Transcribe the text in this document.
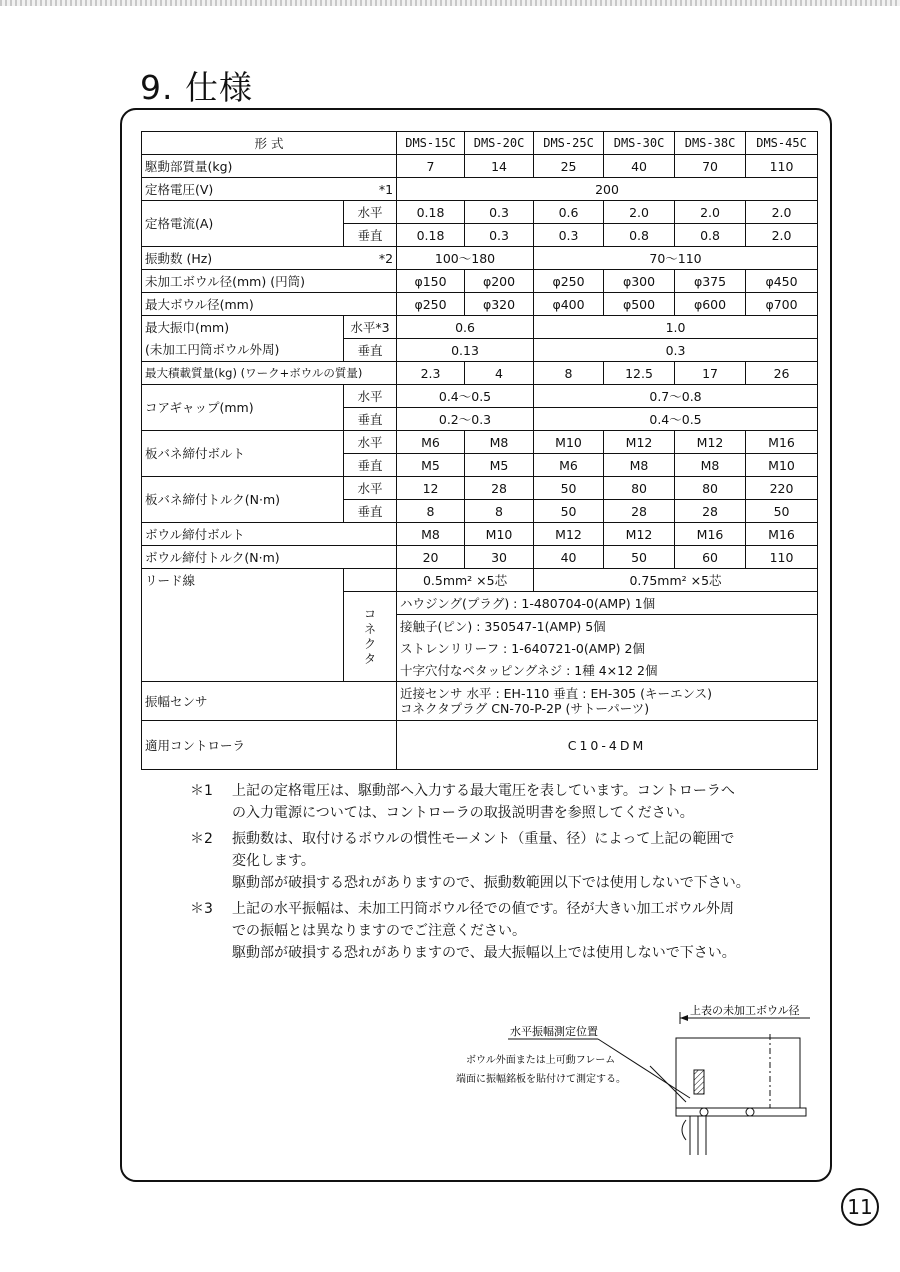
9. 仕様
形 式		DMS-15C	DMS-20C	DMS-25C	DMS-30C	DMS-38C	DMS-45C
駆動部質量(kg)		7	14	25	40	70	110
定格電圧(V) *1		200					
定格電流(A)	水平	0.18	0.3	0.6	2.0	2.0	2.0
	垂直	0.18	0.3	0.3	0.8	0.8	2.0
振動数 (Hz) *2		100～180		70～110			
未加工ボウル径(mm) (円筒)		φ150	φ200	φ250	φ300	φ375	φ450
最大ボウル径(mm)		φ250	φ320	φ400	φ500	φ600	φ700
最大振巾(mm)	水平*3	0.6		1.0			
(未加工円筒ボウル外周)	垂直	0.13		0.3			
最大積載質量(kg) (ワーク+ボウルの質量)		2.3	4	8	12.5	17	26
コアギャップ(mm)	水平	0.4～0.5		0.7～0.8			
	垂直	0.2～0.3		0.4～0.5			
板バネ締付ボルト	水平	M6	M8	M10	M12	M12	M16
	垂直	M5	M5	M6	M8	M8	M10
板バネ締付トルク(N·m)	水平	12	28	50	80	80	220
	垂直	8	8	50	28	28	50
ボウル締付ボルト		M8	M10	M12	M12	M16	M16
ボウル締付トルク(N·m)		20	30	40	50	60	110
リード線		0.5mm² ×5芯		0.75mm² ×5芯			
	コネクタ	ハウジング(プラグ) : 1-480704-0(AMP) 1個					
		接触子(ピン) : 350547-1(AMP) 5個					
		ストレンリリーフ : 1-640721-0(AMP) 2個					
		十字穴付なベタッピングネジ : 1種 4×12 2個					
振幅センサ		近接センサ 水平 : EH-110 垂直 : EH-305 (キーエンス)
コネクタプラグ CN-70-P-2P (サトーパーツ)					

適用コントローラ		C10-4DM					
＊1	上記の定格電圧は、駆動部へ入力する最大電圧を表しています。コントローラへ
の入力電源については、コントローラの取扱説明書を参照してください。
＊2	振動数は、取付けるボウルの慣性モーメント（重量、径）によって上記の範囲で
変化します。
駆動部が破損する恐れがありますので、振動数範囲以下では使用しないで下さい。
＊3	上記の水平振幅は、未加工円筒ボウル径での値です。径が大きい加工ボウル外周
での振幅とは異なりますのでご注意ください。
駆動部が破損する恐れがありますので、最大振幅以上では使用しないで下さい。
上表の未加工ボウル径
水平振幅測定位置
ボウル外面または上可動フレーム
端面に振幅銘板を貼付けて測定する。
11
